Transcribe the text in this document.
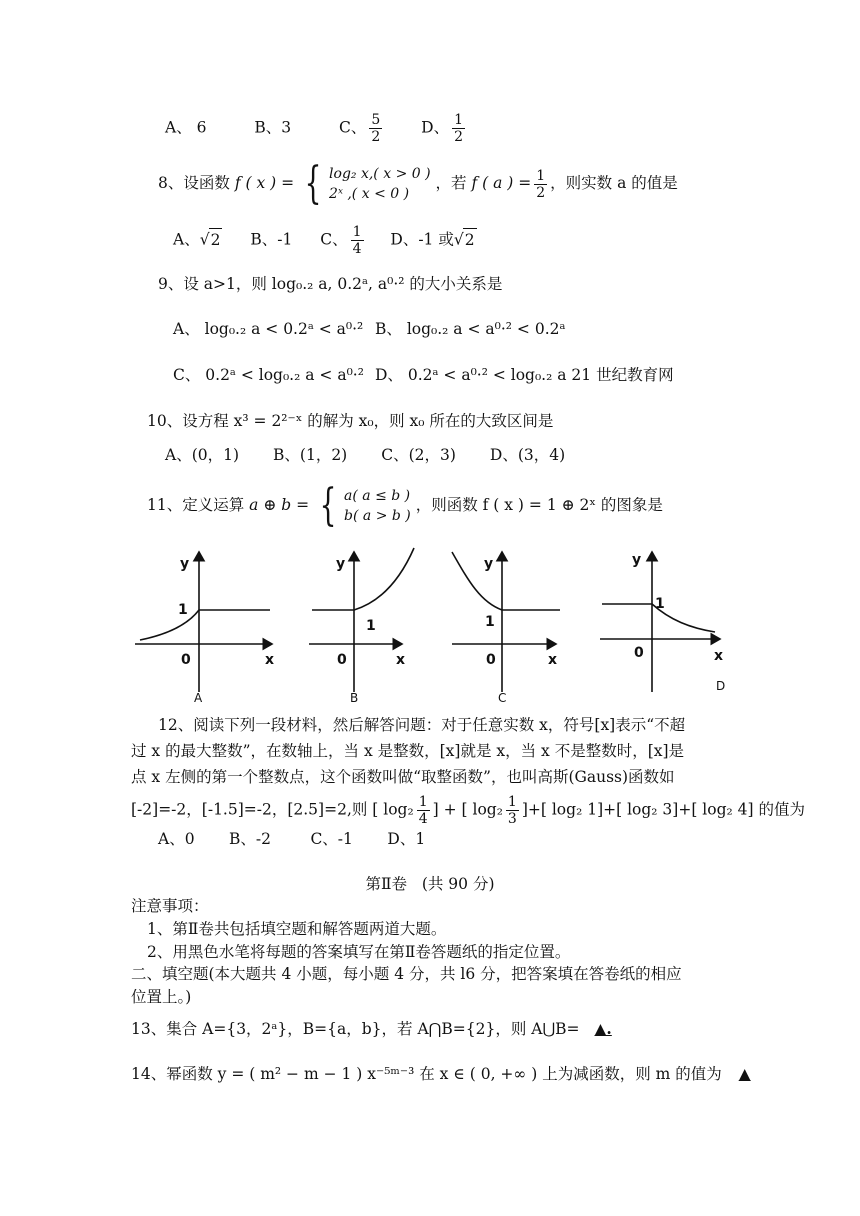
A、 6	B、3	C、 $\frac{5}{2}$	D、 $\frac{1}{2}$
8、设函数 f ( x ) = { log₂ x,( x > 0 )
2ˣ ,( x < 0 )
，若 f ( a ) = $\frac{1}{2}$ ，则实数 a 的值是
A、√2 B、-1 C、 $\frac{1}{4}$ D、-1 或√2
9、设 a>1，则 log₀.₂ a, 0.2ᵃ, a⁰·² 的大小关系是
A、 log₀.₂ a < 0.2ᵃ < a⁰·² B、 log₀.₂ a < a⁰·² < 0.2ᵃ
C、 0.2ᵃ < log₀.₂ a < a⁰·² D、 0.2ᵃ < a⁰·² < log₀.₂ a 21 世纪教育网
10、设方程 x³ = 2²⁻ˣ 的解为 x₀，则 x₀ 所在的大致区间是
A、(0，1) B、(1，2) C、(2，3) D、(3，4)
11、定义运算 a ⊕ b = { a( a ≤ b )
b( a > b )
，则函数 f ( x ) = 1 ⊕ 2ˣ 的图象是
y
1
0	x
A
y
1
0	x
B
y
1
0	x
C
y
1
0	x
D
12、阅读下列一段材料，然后解答问题：对于任意实数 x，符号[x]表示“不超
过 x 的最大整数”，在数轴上，当 x 是整数，[x]就是 x，当 x 不是整数时，[x]是
点 x 左侧的第一个整数点，这个函数叫做“取整函数”，也叫高斯(Gauss)函数如
[-2]=-2，[-1.5]=-2，[2.5]=2,则 [ $\log_2 \frac{1}{4}$ ] + [ $\log_2 \frac{1}{3}$ ]+[ log₂ 1]+[ log₂ 3]+[ log₂ 4] 的值为
A、0       B、-2        C、-1       D、1
第Ⅱ卷   (共 90 分)
注意事项：
1、第Ⅱ卷共包括填空题和解答题两道大题。
2、用黑色水笔将每题的答案填写在第Ⅱ卷答题纸的指定位置。
二、填空题(本大题共 4 小题，每小题 4 分，共 l6 分，把答案填在答卷纸的相应
位置上。)
13、集合 A={3，2ᵃ}，B={a，b}，若 A⋂B={2}，则 A⋃B= ▲.
14、幂函数 y = ( m² − m − 1 ) x⁻⁵ᵐ⁻³ 在 x ∈ ( 0, +∞ ) 上为减函数，则 m 的值为 ▲
